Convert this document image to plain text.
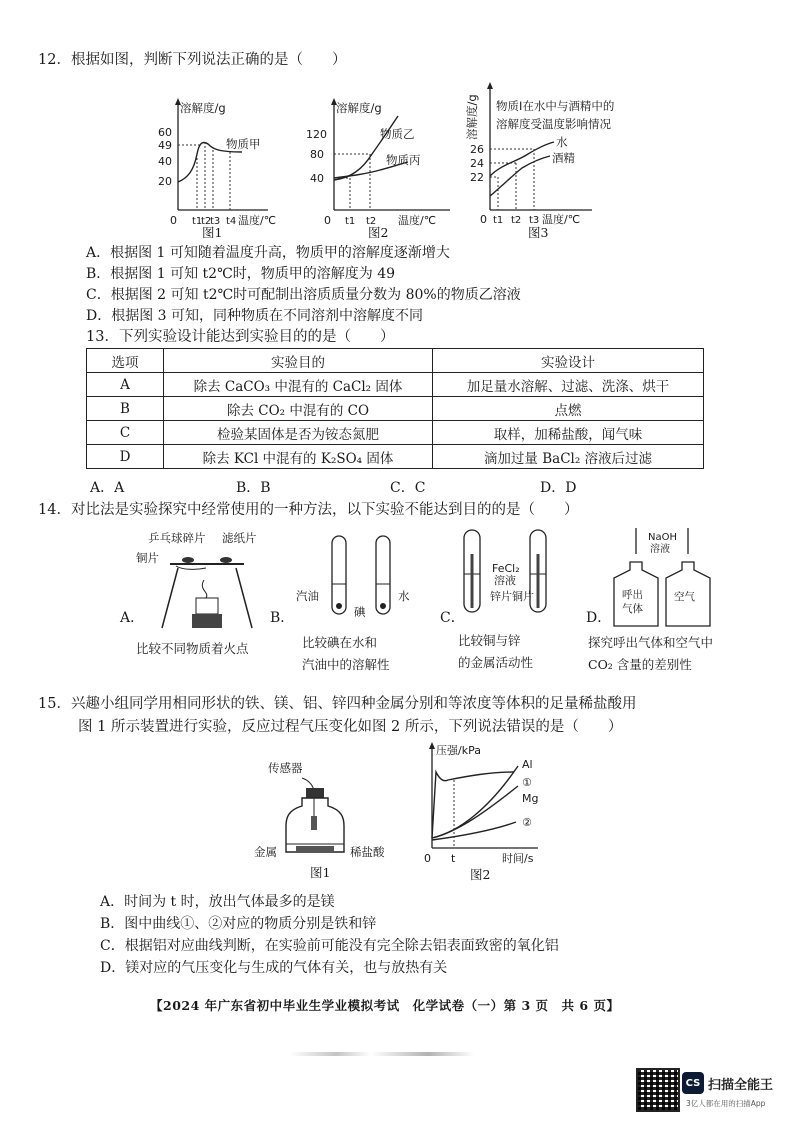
12．根据如图，判断下列说法正确的是（　　）
溶解度/g
60
49
40
20
物质甲
0 t1
t2
t3 t4 温度/℃
图1
溶解度/g
120
80
40
物质乙
物质丙
0 t1 t2 温度/℃
图2
溶解度/g 物质Ⅰ在水中与酒精中的
溶解度受温度影响情况
26
24
22
水
酒精
0 t1 t2 t3 温度/℃
图3
A．根据图 1 可知随着温度升高，物质甲的溶解度逐渐增大
B．根据图 1 可知 t2℃时，物质甲的溶解度为 49
C．根据图 2 可知 t2℃时可配制出溶质质量分数为 80%的物质乙溶液
D．根据图 3 可知，同种物质在不同溶剂中溶解度不同
13．下列实验设计能达到实验目的的是（　　）
选项	实验目的	实验设计
A	除去 CaCO₃ 中混有的 CaCl₂ 固体	加足量水溶解、过滤、洗涤、烘干
B	除去 CO₂ 中混有的 CO	点燃
C	检验某固体是否为铵态氮肥	取样，加稀盐酸，闻气味
D	除去 KCl 中混有的 K₂SO₄ 固体	滴加过量 BaCl₂ 溶液后过滤
A．A	B．B	C．C	D．D
14．对比法是实验探究中经常使用的一种方法，以下实验不能达到目的的是（　　）
乒乓球碎片 滤纸片
铜片
A．
比较不同物质着火点
汽油
碘
水
B．
比较碘在水和
汽油中的溶解性
FeCl₂
溶液
锌片 铜片
C．
比较铜与锌
的金属活动性
NaOH
溶液
呼出
气体
空气
D．
探究呼出气体和空气中
CO₂ 含量的差别性
15．兴趣小组同学用相同形状的铁、镁、铝、锌四种金属分别和等浓度等体积的足量稀盐酸用
图 1 所示装置进行实验，反应过程气压变化如图 2 所示，下列说法错误的是（　　）
传感器
金属	稀盐酸
图1
压强/kPa
Al
①
Mg
②
0 t	时间/s
图2
A．时间为 t 时，放出气体最多的是镁
B．图中曲线①、②对应的物质分别是铁和锌
C．根据铝对应曲线判断，在实验前可能没有完全除去铝表面致密的氧化铝
D．镁对应的气压变化与生成的气体有关，也与放热有关
【2024 年广东省初中毕业生学业模拟考试　化学试卷（一）第 3 页　共 6 页】
CS 扫描全能王
3亿人都在用的扫描App
